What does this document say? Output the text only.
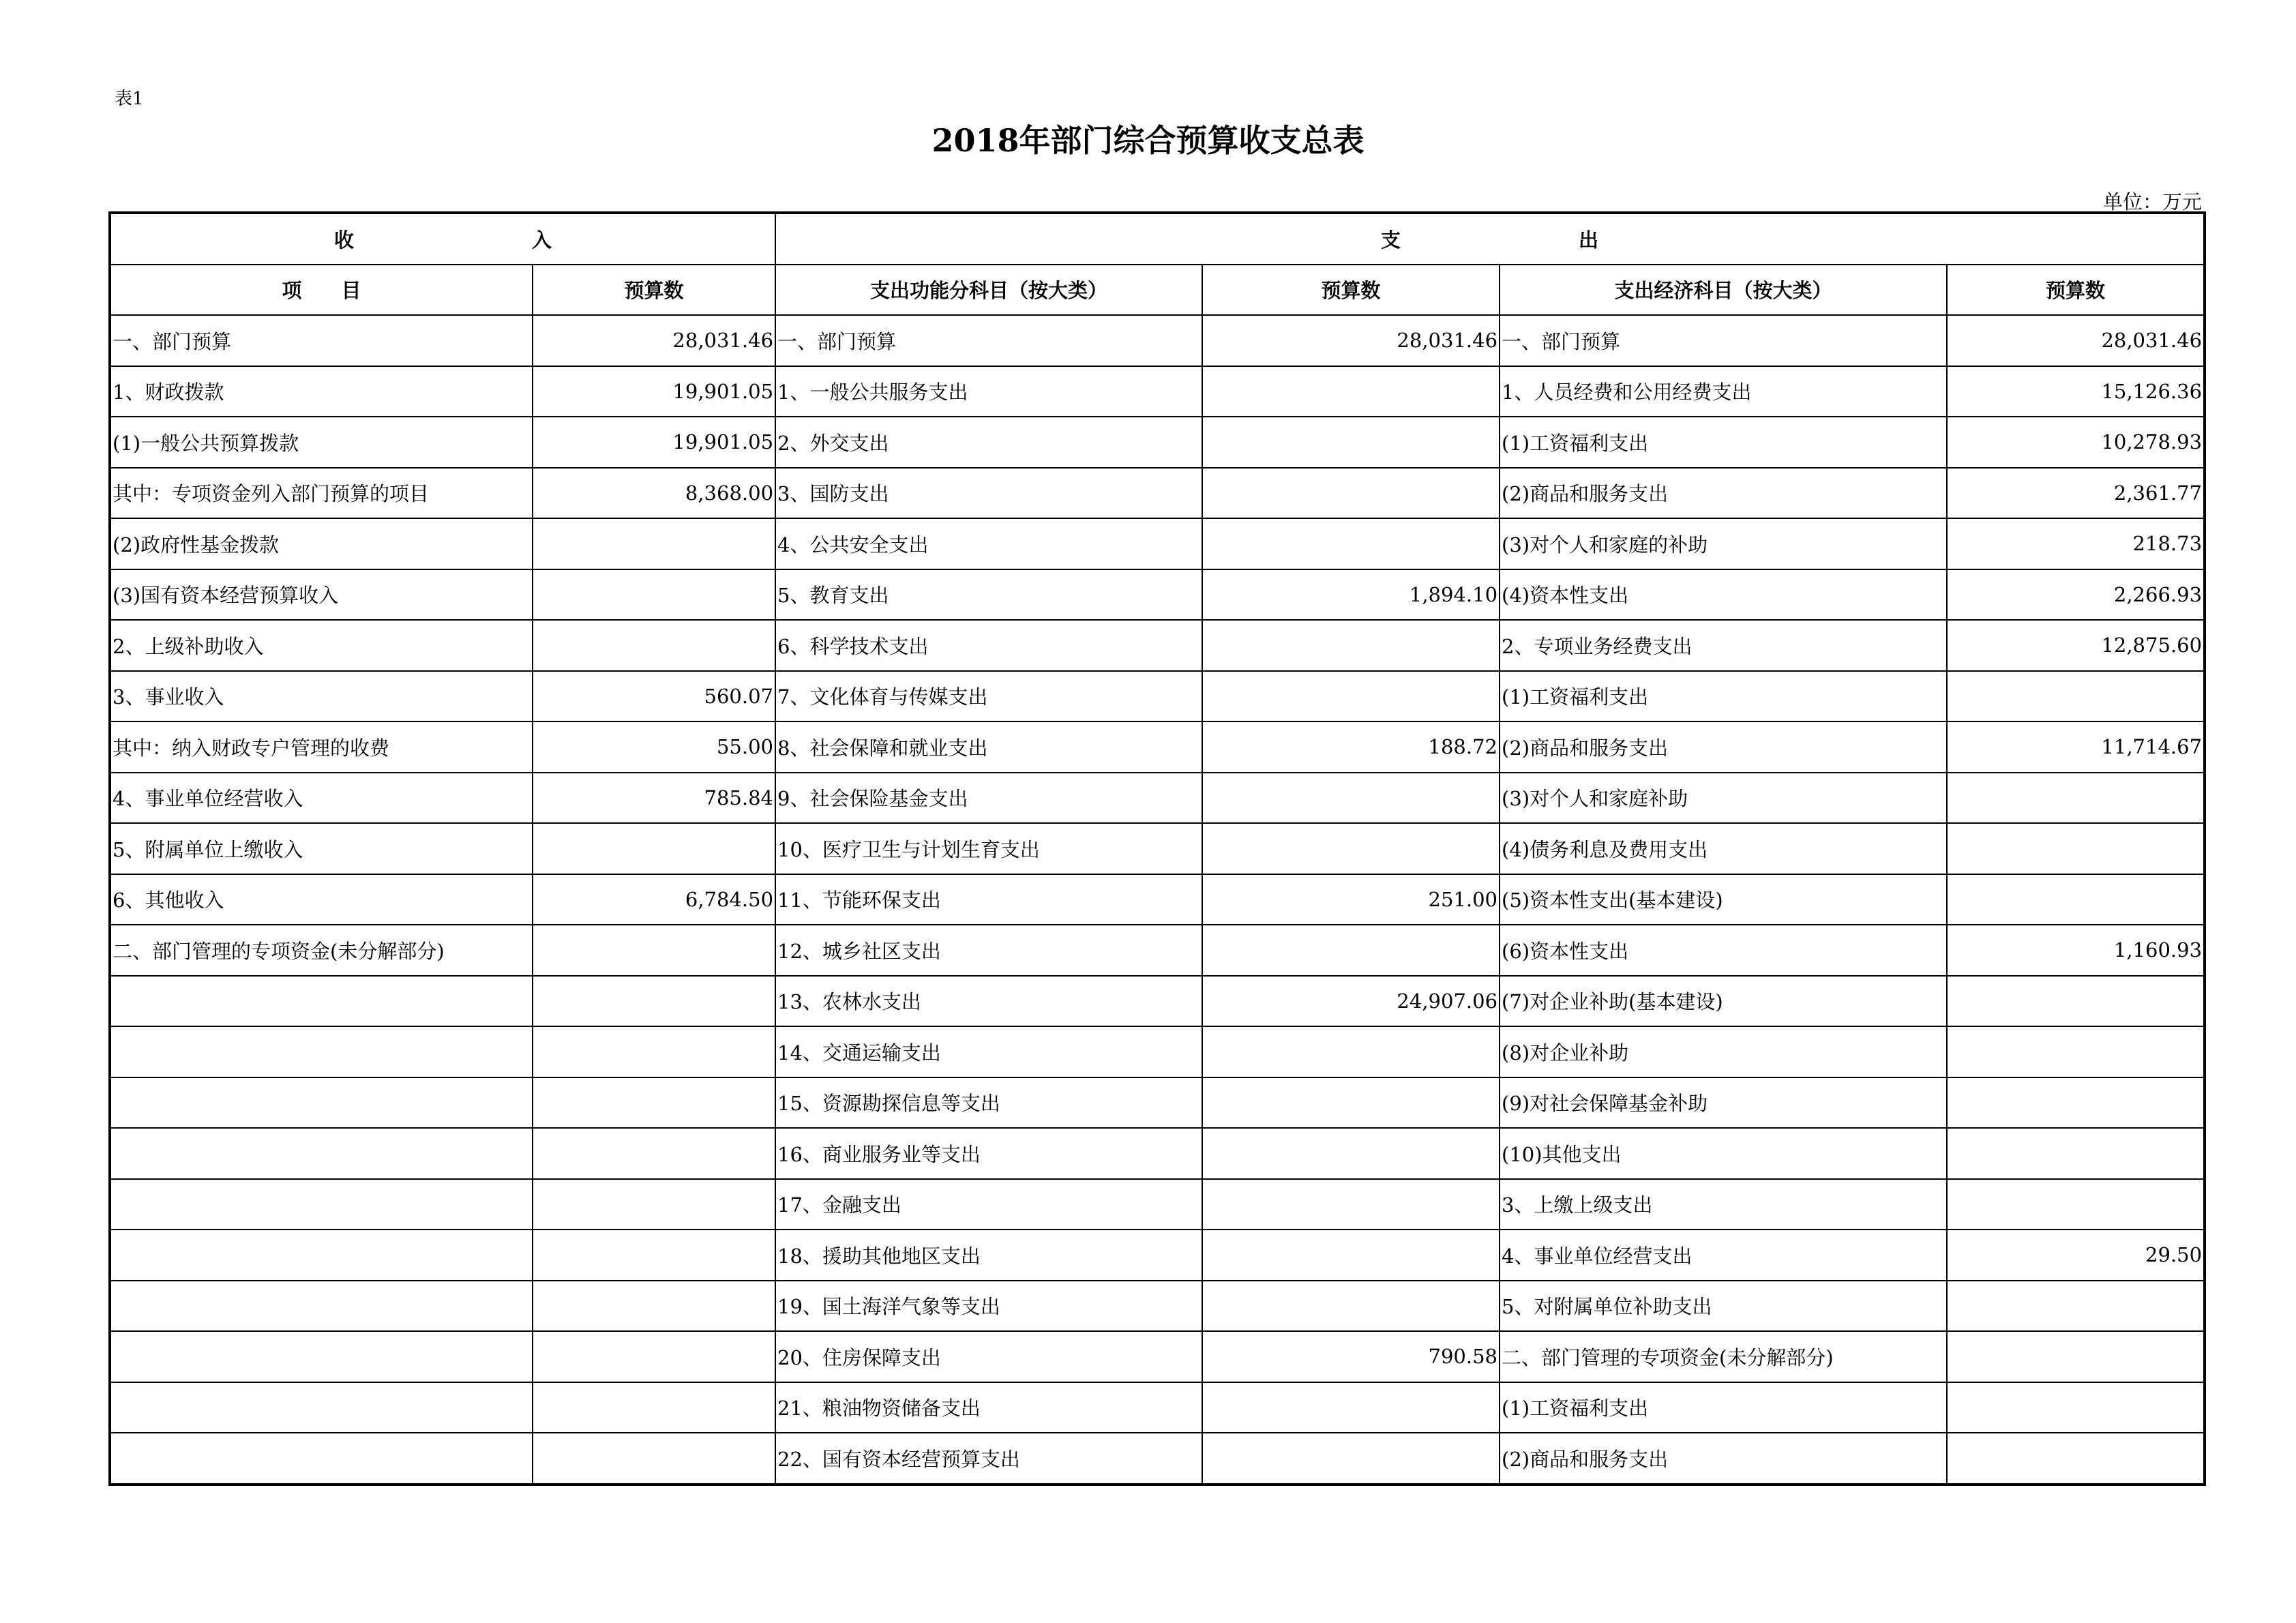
表1
2018年部门综合预算收支总表
单位：万元
收　　　　　　　　　入		支　　　　　　　　　出			
项　　目	预算数	支出功能分科目（按大类）	预算数	支出经济科目（按大类）	预算数
一、部门预算	28,031.46	一、部门预算	28,031.46	一、部门预算	28,031.46
1、财政拨款	19,901.05	1、一般公共服务支出		1、人员经费和公用经费支出	15,126.36
(1)一般公共预算拨款	19,901.05	2、外交支出		(1)工资福利支出	10,278.93
其中：专项资金列入部门预算的项目	8,368.00	3、国防支出		(2)商品和服务支出	2,361.77
(2)政府性基金拨款		4、公共安全支出		(3)对个人和家庭的补助	218.73
(3)国有资本经营预算收入		5、教育支出	1,894.10	(4)资本性支出	2,266.93
2、上级补助收入		6、科学技术支出		2、专项业务经费支出	12,875.60
3、事业收入	560.07	7、文化体育与传媒支出		(1)工资福利支出	
其中：纳入财政专户管理的收费	55.00	8、社会保障和就业支出	188.72	(2)商品和服务支出	11,714.67
4、事业单位经营收入	785.84	9、社会保险基金支出		(3)对个人和家庭补助	
5、附属单位上缴收入		10、医疗卫生与计划生育支出		(4)债务利息及费用支出	
6、其他收入	6,784.50	11、节能环保支出	251.00	(5)资本性支出(基本建设)	
二、部门管理的专项资金(未分解部分)		12、城乡社区支出		(6)资本性支出	1,160.93
		13、农林水支出	24,907.06	(7)对企业补助(基本建设)	
		14、交通运输支出		(8)对企业补助	
		15、资源勘探信息等支出		(9)对社会保障基金补助	
		16、商业服务业等支出		(10)其他支出	
		17、金融支出		3、上缴上级支出	
		18、援助其他地区支出		4、事业单位经营支出	29.50
		19、国土海洋气象等支出		5、对附属单位补助支出	
		20、住房保障支出	790.58	二、部门管理的专项资金(未分解部分)	
		21、粮油物资储备支出		(1)工资福利支出	
		22、国有资本经营预算支出		(2)商品和服务支出	
